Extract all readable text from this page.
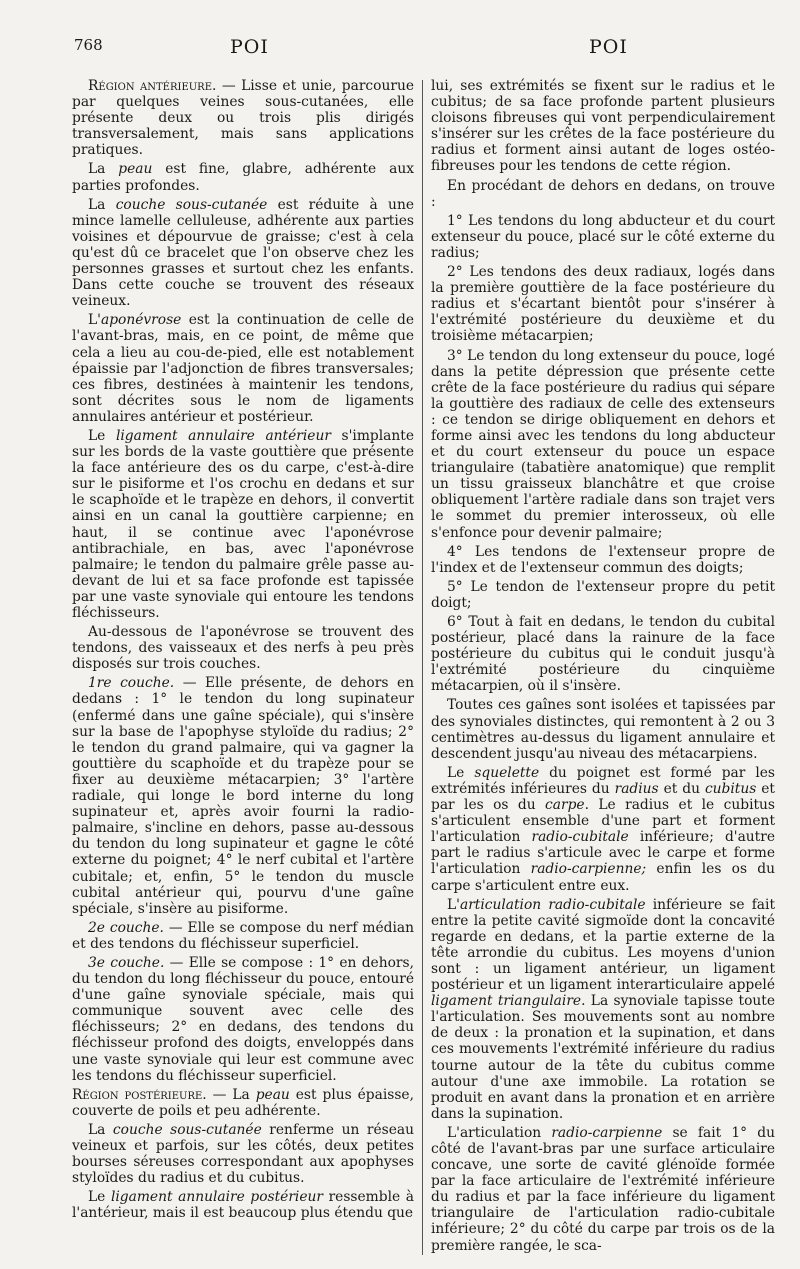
768	POI	POI

Région antérieure. — Lisse et unie, parcourue par quelques veines sous-cutanées, elle présente deux ou trois plis dirigés transversalement, mais sans applications pratiques.

La peau est fine, glabre, adhérente aux parties profondes.

La couche sous-cutanée est réduite à une mince lamelle celluleuse, adhérente aux parties voisines et dépourvue de graisse; c'est à cela qu'est dû ce bracelet que l'on observe chez les personnes grasses et surtout chez les enfants. Dans cette couche se trouvent des réseaux veineux.

L'aponévrose est la continuation de celle de l'avant-bras, mais, en ce point, de même que cela a lieu au cou-de-pied, elle est notablement épaissie par l'adjonction de fibres transversales; ces fibres, destinées à maintenir les tendons, sont décrites sous le nom de ligaments annulaires antérieur et postérieur.

Le ligament annulaire antérieur s'implante sur les bords de la vaste gouttière que présente la face antérieure des os du carpe, c'est-à-dire sur le pisiforme et l'os crochu en dedans et sur le scaphoïde et le trapèze en dehors, il convertit ainsi en un canal la gouttière carpienne; en haut, il se continue avec l'aponévrose antibrachiale, en bas, avec l'aponévrose palmaire; le tendon du palmaire grêle passe au-devant de lui et sa face profonde est tapissée par une vaste synoviale qui entoure les tendons fléchisseurs.

Au-dessous de l'aponévrose se trouvent des tendons, des vaisseaux et des nerfs à peu près disposés sur trois couches.

1re couche. — Elle présente, de dehors en dedans : 1° le tendon du long supinateur (enfermé dans une gaîne spéciale), qui s'insère sur la base de l'apophyse styloïde du radius; 2° le tendon du grand palmaire, qui va gagner la gouttière du scaphoïde et du trapèze pour se fixer au deuxième métacarpien; 3° l'artère radiale, qui longe le bord interne du long supinateur et, après avoir fourni la radio-palmaire, s'incline en dehors, passe au-dessous du tendon du long supinateur et gagne le côté externe du poignet; 4° le nerf cubital et l'artère cubitale; et, enfin, 5° le tendon du muscle cubital antérieur qui, pourvu d'une gaîne spéciale, s'insère au pisiforme.

2e couche. — Elle se compose du nerf médian et des tendons du fléchisseur superficiel.

3e couche. — Elle se compose : 1° en dehors, du tendon du long fléchisseur du pouce, entouré d'une gaîne synoviale spéciale, mais qui communique souvent avec celle des fléchisseurs; 2° en dedans, des tendons du fléchisseur profond des doigts, enveloppés dans une vaste synoviale qui leur est commune avec les tendons du fléchisseur superficiel.

Région postérieure. — La peau est plus épaisse, couverte de poils et peu adhérente.

La couche sous-cutanée renferme un réseau veineux et parfois, sur les côtés, deux petites bourses séreuses correspondant aux apophyses styloïdes du radius et du cubitus.

Le ligament annulaire postérieur ressemble à l'antérieur, mais il est beaucoup plus étendu que

lui, ses extrémités se fixent sur le radius et le cubitus; de sa face profonde partent plusieurs cloisons fibreuses qui vont perpendiculairement s'insérer sur les crêtes de la face postérieure du radius et forment ainsi autant de loges ostéo-fibreuses pour les tendons de cette région.

En procédant de dehors en dedans, on trouve :

1° Les tendons du long abducteur et du court extenseur du pouce, placé sur le côté externe du radius;

2° Les tendons des deux radiaux, logés dans la première gouttière de la face postérieure du radius et s'écartant bientôt pour s'insérer à l'extrémité postérieure du deuxième et du troisième métacarpien;

3° Le tendon du long extenseur du pouce, logé dans la petite dépression que présente cette crête de la face postérieure du radius qui sépare la gouttière des radiaux de celle des extenseurs : ce tendon se dirige obliquement en dehors et forme ainsi avec les tendons du long abducteur et du court extenseur du pouce un espace triangulaire (tabatière anatomique) que remplit un tissu graisseux blanchâtre et que croise obliquement l'artère radiale dans son trajet vers le sommet du premier interosseux, où elle s'enfonce pour devenir palmaire;

4° Les tendons de l'extenseur propre de l'index et de l'extenseur commun des doigts;

5° Le tendon de l'extenseur propre du petit doigt;

6° Tout à fait en dedans, le tendon du cubital postérieur, placé dans la rainure de la face postérieure du cubitus qui le conduit jusqu'à l'extrémité postérieure du cinquième métacarpien, où il s'insère.

Toutes ces gaînes sont isolées et tapissées par des synoviales distinctes, qui remontent à 2 ou 3 centimètres au-dessus du ligament annulaire et descendent jusqu'au niveau des métacarpiens.

Le squelette du poignet est formé par les extrémités inférieures du radius et du cubitus et par les os du carpe. Le radius et le cubitus s'articulent ensemble d'une part et forment l'articulation radio-cubitale inférieure; d'autre part le radius s'articule avec le carpe et forme l'articulation radio-carpienne; enfin les os du carpe s'articulent entre eux.

L'articulation radio-cubitale inférieure se fait entre la petite cavité sigmoïde dont la concavité regarde en dedans, et la partie externe de la tête arrondie du cubitus. Les moyens d'union sont : un ligament antérieur, un ligament postérieur et un ligament interarticulaire appelé ligament triangulaire. La synoviale tapisse toute l'articulation. Ses mouvements sont au nombre de deux : la pronation et la supination, et dans ces mouvements l'extrémité inférieure du radius tourne autour de la tête du cubitus comme autour d'une axe immobile. La rotation se produit en avant dans la pronation et en arrière dans la supination.

L'articulation radio-carpienne se fait 1° du côté de l'avant-bras par une surface articulaire concave, une sorte de cavité glénoïde formée par la face articulaire de l'extrémité inférieure du radius et par la face inférieure du ligament triangulaire de l'articulation radio-cubitale inférieure; 2° du côté du carpe par trois os de la première rangée, le sca-
